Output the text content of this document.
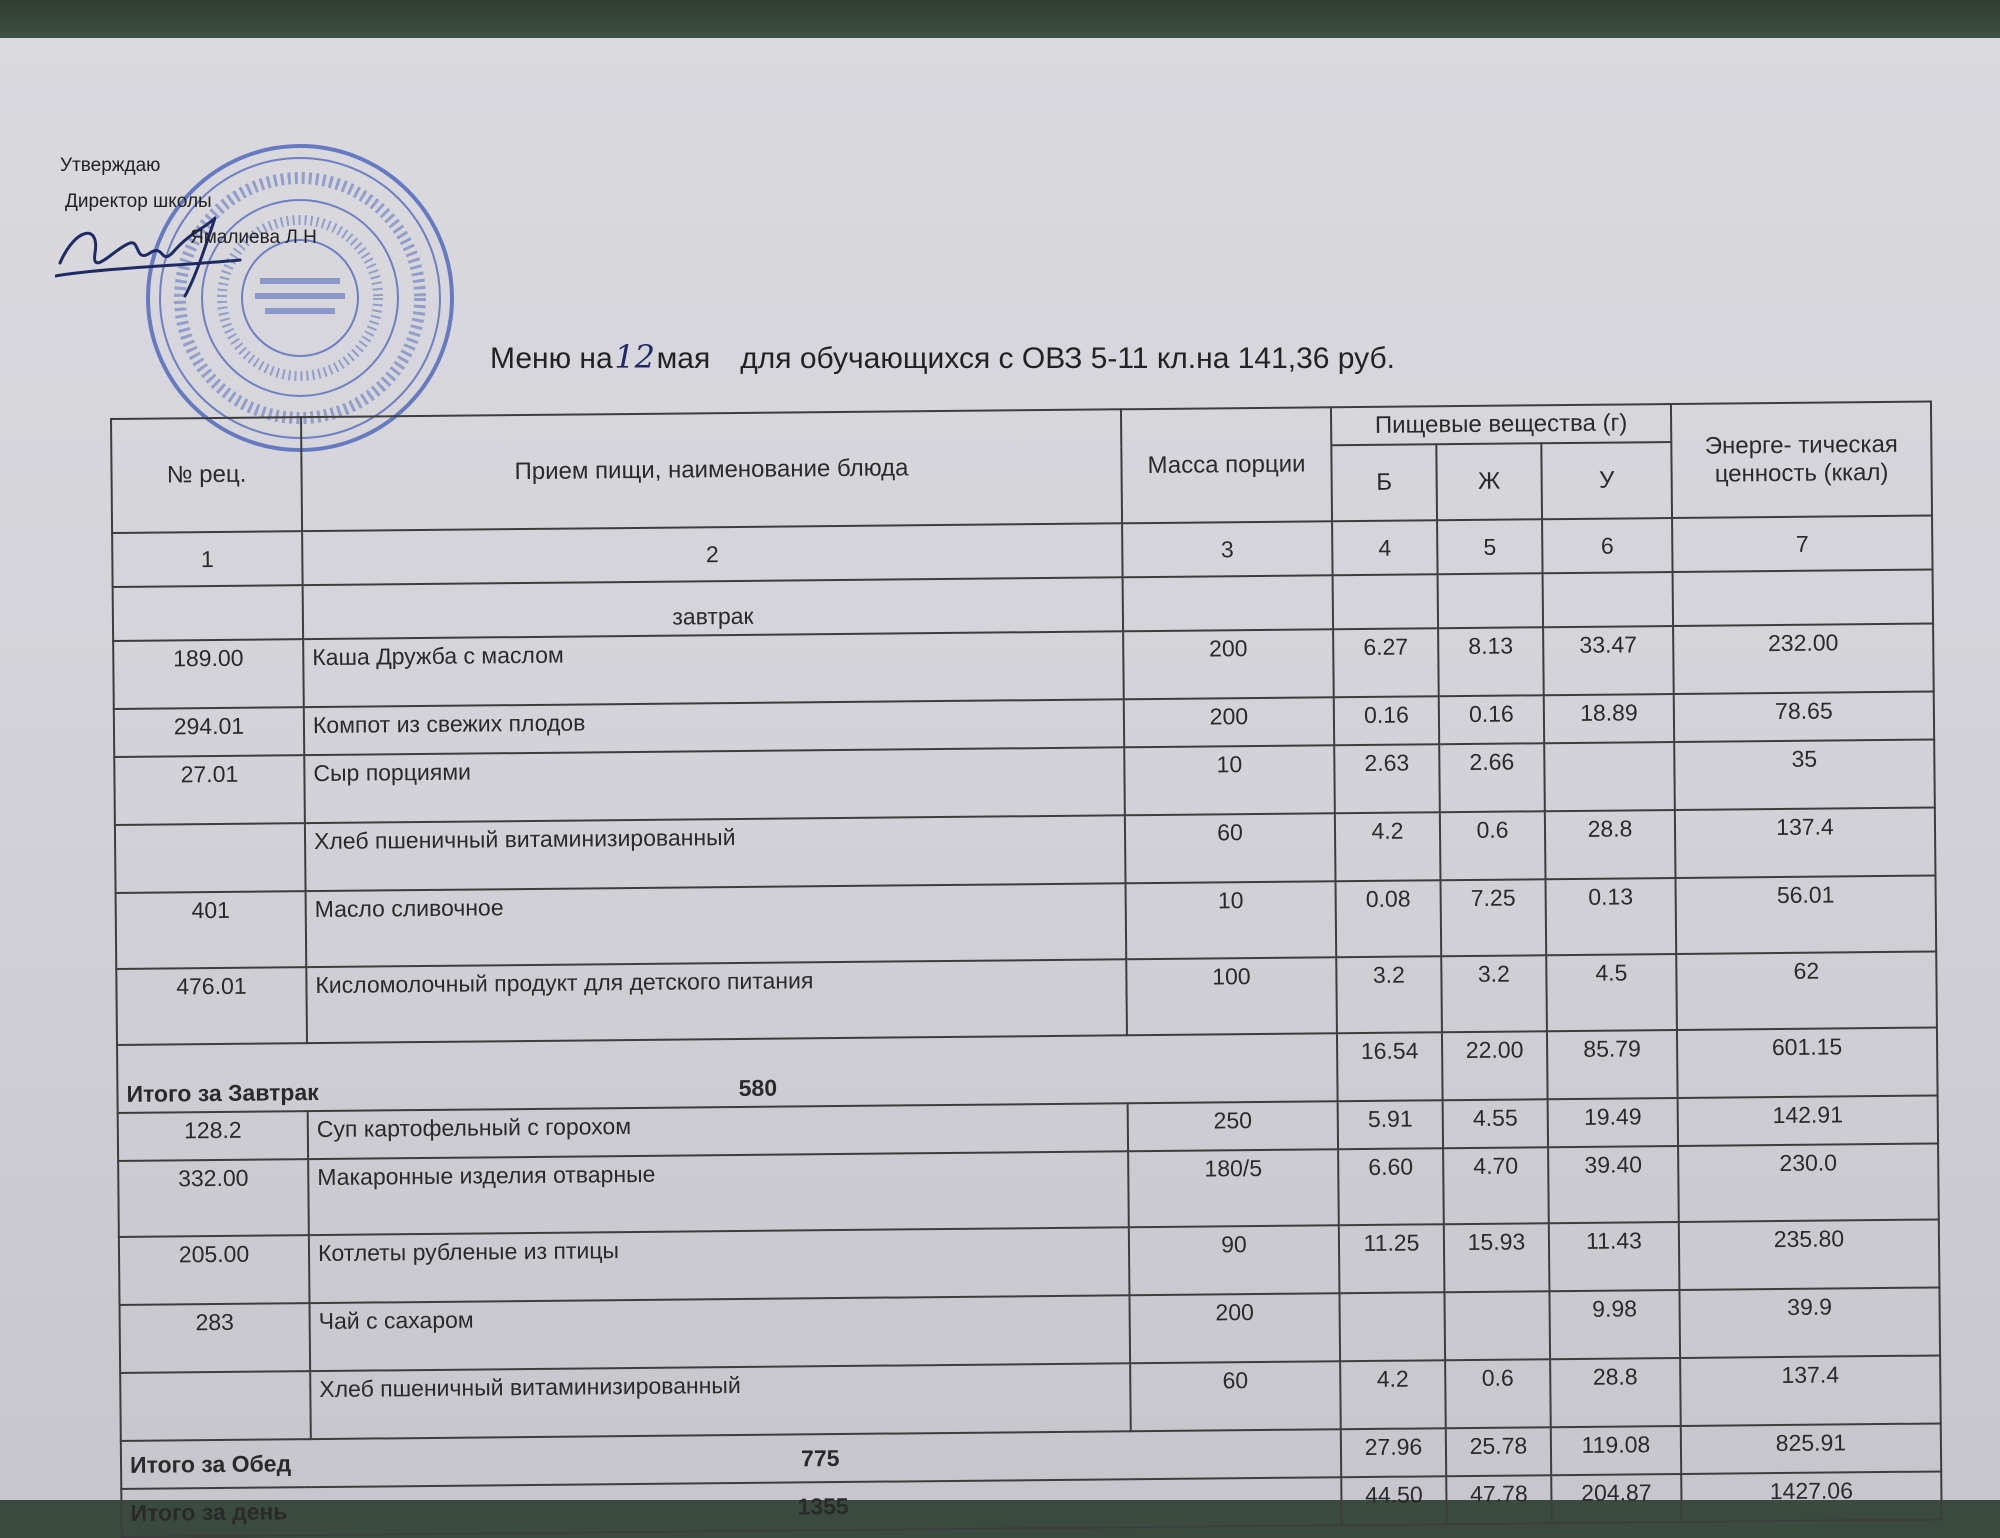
Утверждаю
Директор школы
Ямалиева Л Н
Меню на12мая для обучающихся с ОВЗ 5-11 кл.на 141,36 руб.
№ рец.	Прием пищи, наименование блюда	Масса порции	Пищевые вещества (г)			Энерге- тическая ценность (ккал)
			Б	Ж	У	
1	2	3	4	5	6	7
	завтрак					
189.00	Каша Дружба с маслом	200	6.27	8.13	33.47	232.00
294.01	Компот из свежих плодов	200	0.16	0.16	18.89	78.65
27.01	Сыр порциями	10	2.63	2.66		35
	Хлеб пшеничный витаминизированный	60	4.2	0.6	28.8	137.4
401	Масло сливочное	10	0.08	7.25	0.13	56.01
476.01	Кисломолочный продукт для детского питания	100	3.2	3.2	4.5	62
Итого за Завтрак 580			16.54	22.00	85.79	601.15
128.2	Суп картофельный с горохом	250	5.91	4.55	19.49	142.91
332.00	Макаронные изделия отварные	180/5	6.60	4.70	39.40	230.0
205.00	Котлеты рубленые из птицы	90	11.25	15.93	11.43	235.80
283	Чай с сахаром	200			9.98	39.9
	Хлеб пшеничный витаминизированный	60	4.2	0.6	28.8	137.4
Итого за Обед 775			27.96	25.78	119.08	825.91
Итого за день 1355			44.50	47.78	204.87	1427.06
